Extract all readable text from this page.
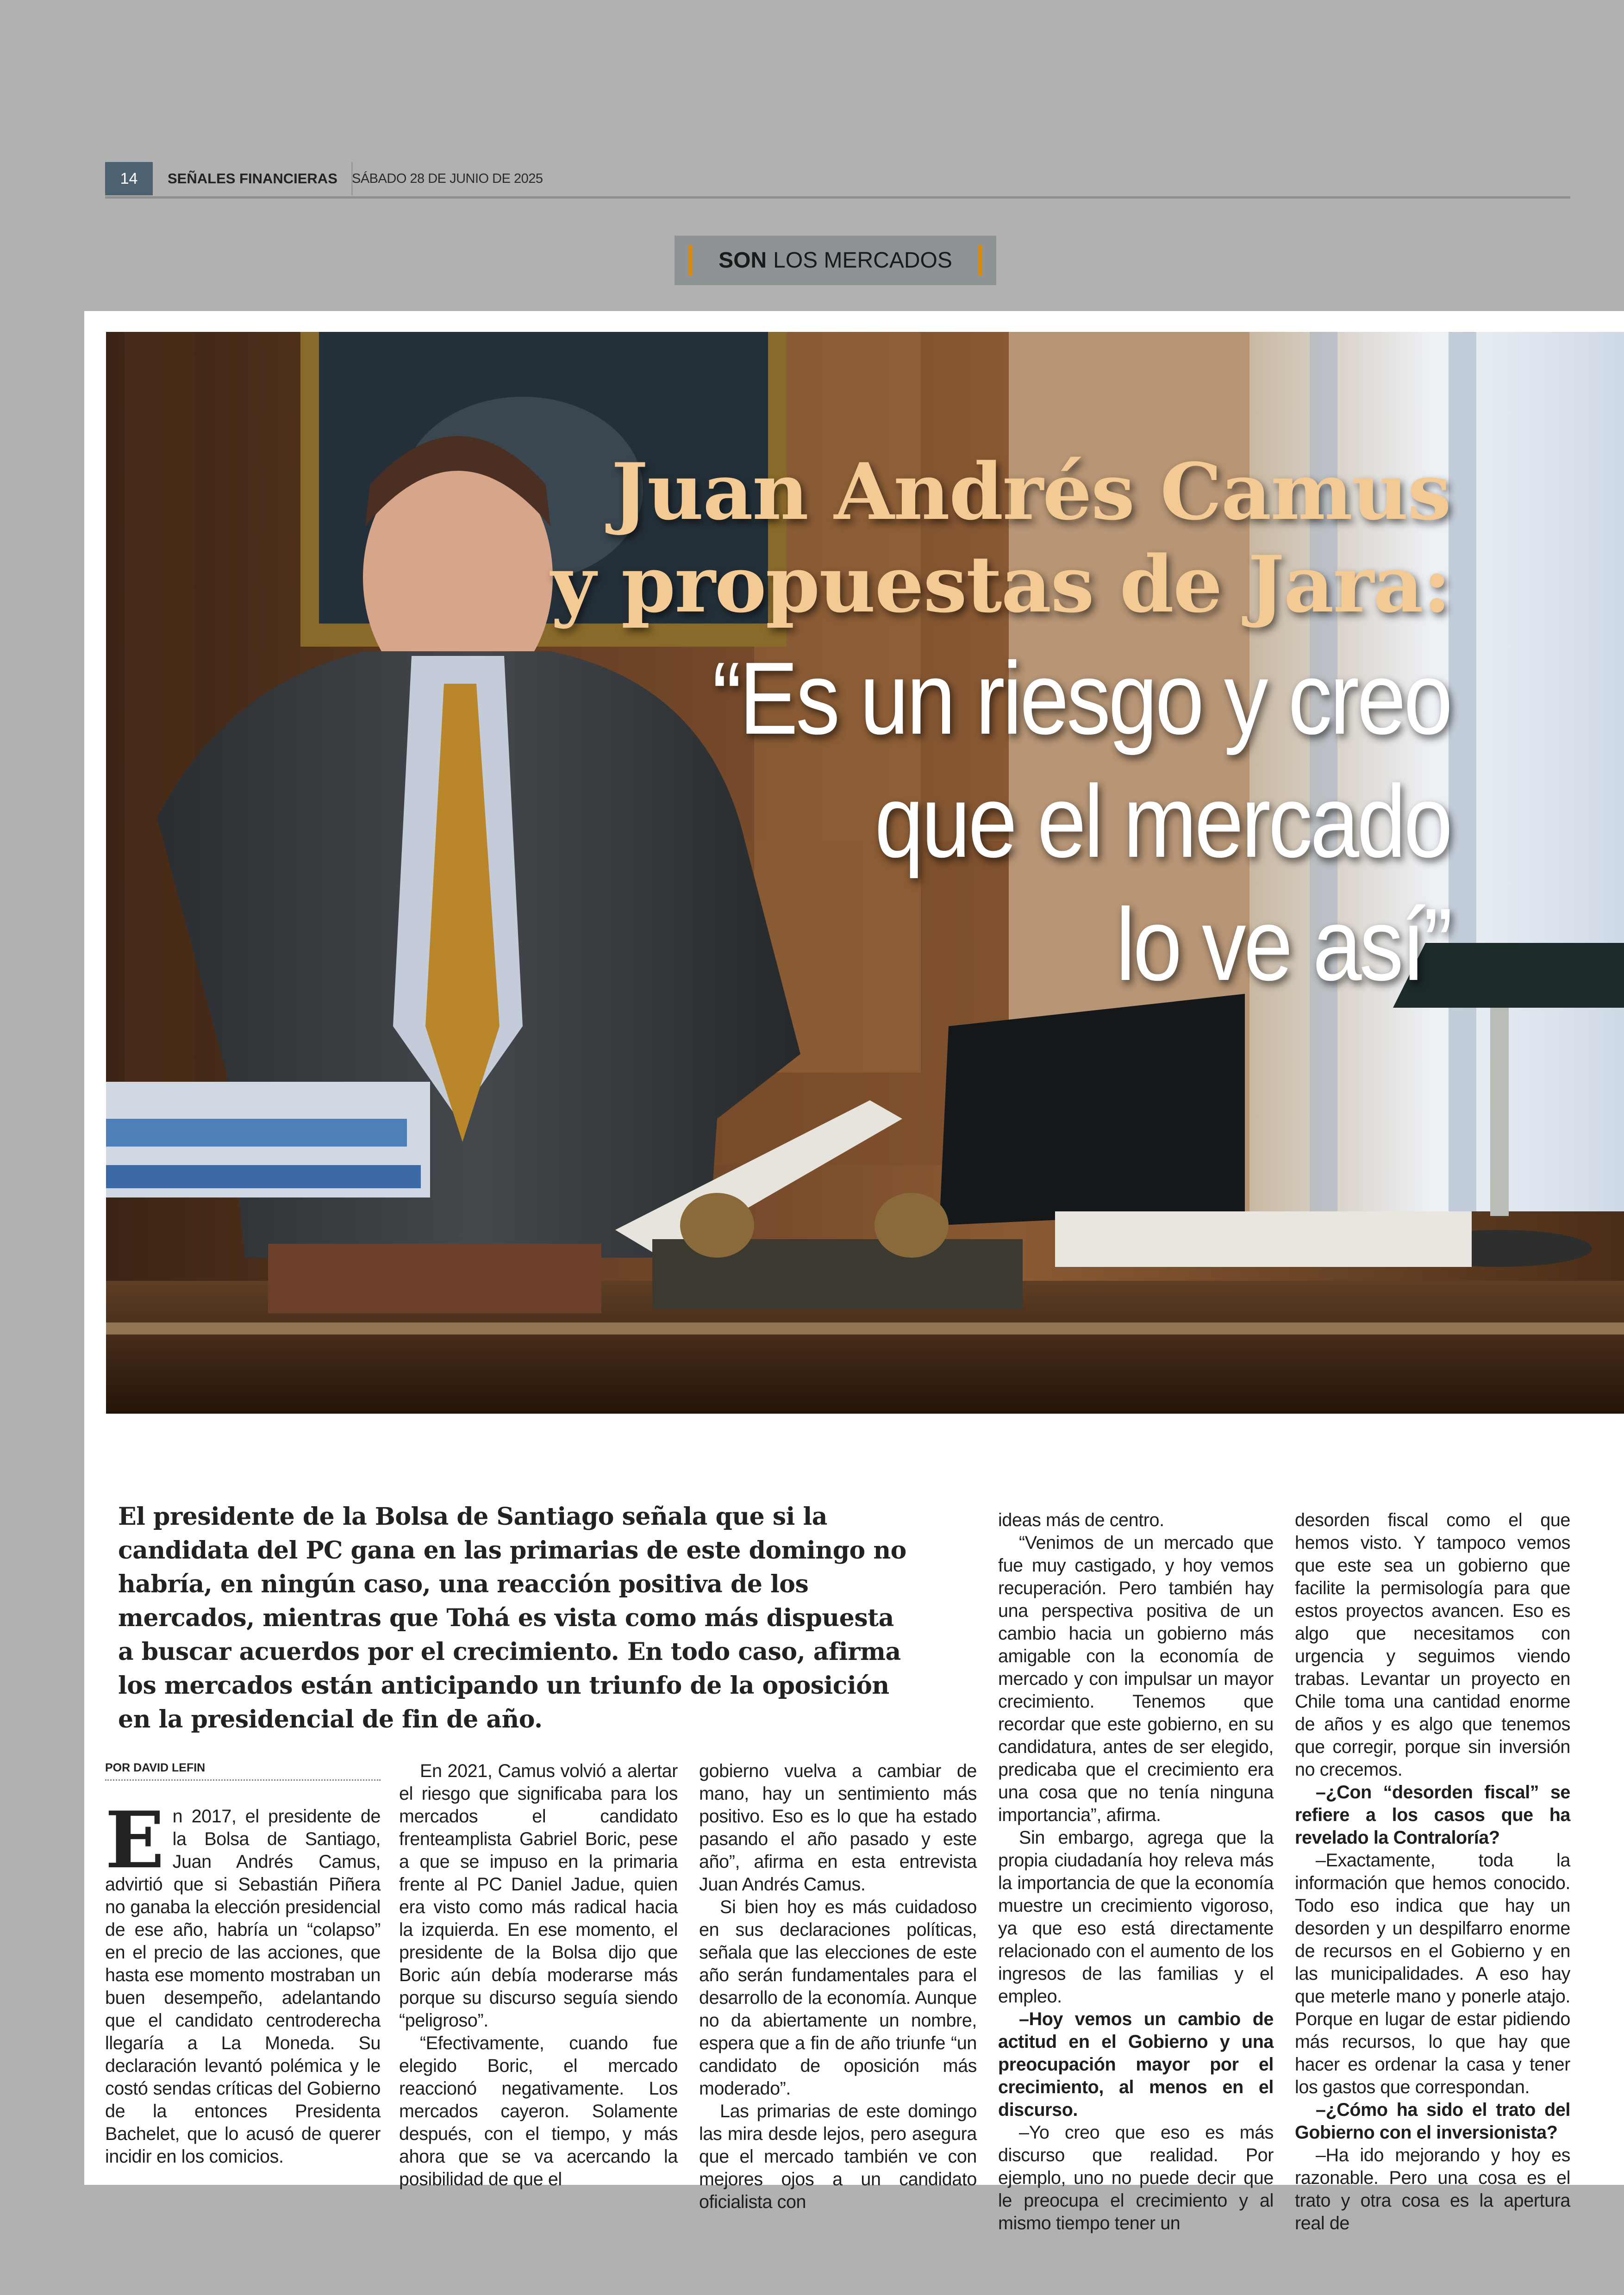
14	SEÑALES FINANCIERAS	SÁBADO 28 DE JUNIO DE 2025
SON LOS MERCADOS
Juan Andrés Camus
y propuestas de Jara:
“Es un riesgo y creo
que el mercado
lo ve así”
El presidente de la Bolsa de Santiago señala que si la candidata del PC gana en las primarias de este domingo no habría, en ningún caso, una reacción positiva de los mercados, mientras que Tohá es vista como más dispuesta a buscar acuerdos por el crecimiento. En todo caso, afirma los mercados están anticipando un triunfo de la oposición en la presidencial de fin de año.
POR DAVID LEFIN

En 2017, el presidente de la Bolsa de Santiago, Juan Andrés Camus, advirtió que si Sebastián Piñera no ganaba la elección presidencial de ese año, habría un “colapso” en el precio de las acciones, que hasta ese momento mostraban un buen desempeño, adelantando que el candidato centroderecha llegaría a La Moneda. Su declaración levantó polémica y le costó sendas críticas del Gobierno de la entonces Presidenta Bachelet, que lo acusó de querer incidir en los comicios.

En 2021, Camus volvió a alertar el riesgo que significaba para los mercados el candidato frenteamplista Gabriel Boric, pese a que se impuso en la primaria frente al PC Daniel Jadue, quien era visto como más radical hacia la izquierda. En ese momento, el presidente de la Bolsa dijo que Boric aún debía moderarse más porque su discurso seguía siendo “peligroso”.

“Efectivamente, cuando fue elegido Boric, el mercado reaccionó negativamente. Los mercados cayeron. Solamente después, con el tiempo, y más ahora que se va acercando la posibilidad de que el

gobierno vuelva a cambiar de mano, hay un sentimiento más positivo. Eso es lo que ha estado pasando el año pasado y este año”, afirma en esta entrevista Juan Andrés Camus.

Si bien hoy es más cuidadoso en sus declaraciones políticas, señala que las elecciones de este año serán fundamentales para el desarrollo de la economía. Aunque no da abiertamente un nombre, espera que a fin de año triunfe “un candidato de oposición más moderado”.

Las primarias de este domingo las mira desde lejos, pero asegura que el mercado también ve con mejores ojos a un candidato oficialista con

ideas más de centro.

“Venimos de un mercado que fue muy castigado, y hoy vemos recuperación. Pero también hay una perspectiva positiva de un cambio hacia un gobierno más amigable con la economía de mercado y con impulsar un mayor crecimiento. Tenemos que recordar que este gobierno, en su candidatura, antes de ser elegido, predicaba que el crecimiento era una cosa que no tenía ninguna importancia”, afirma.

Sin embargo, agrega que la propia ciudadanía hoy releva más la importancia de que la economía muestre un crecimiento vigoroso, ya que eso está directamente relacionado con el aumento de los ingresos de las familias y el empleo.

–Hoy vemos un cambio de actitud en el Gobierno y una preocupación mayor por el crecimiento, al menos en el discurso.

–Yo creo que eso es más discurso que realidad. Por ejemplo, uno no puede decir que le preocupa el crecimiento y al mismo tiempo tener un

desorden fiscal como el que hemos visto. Y tampoco vemos que este sea un gobierno que facilite la permisología para que estos proyectos avancen. Eso es algo que necesitamos con urgencia y seguimos viendo trabas. Levantar un proyecto en Chile toma una cantidad enorme de años y es algo que tenemos que corregir, porque sin inversión no crecemos.

–¿Con “desorden fiscal” se refiere a los casos que ha revelado la Contraloría?

–Exactamente, toda la información que hemos conocido. Todo eso indica que hay un desorden y un despilfarro enorme de recursos en el Gobierno y en las municipalidades. A eso hay que meterle mano y ponerle atajo. Porque en lugar de estar pidiendo más recursos, lo que hay que hacer es ordenar la casa y tener los gastos que correspondan.

–¿Cómo ha sido el trato del Gobierno con el inversionista?

–Ha ido mejorando y hoy es razonable. Pero una cosa es el trato y otra cosa es la apertura real de
